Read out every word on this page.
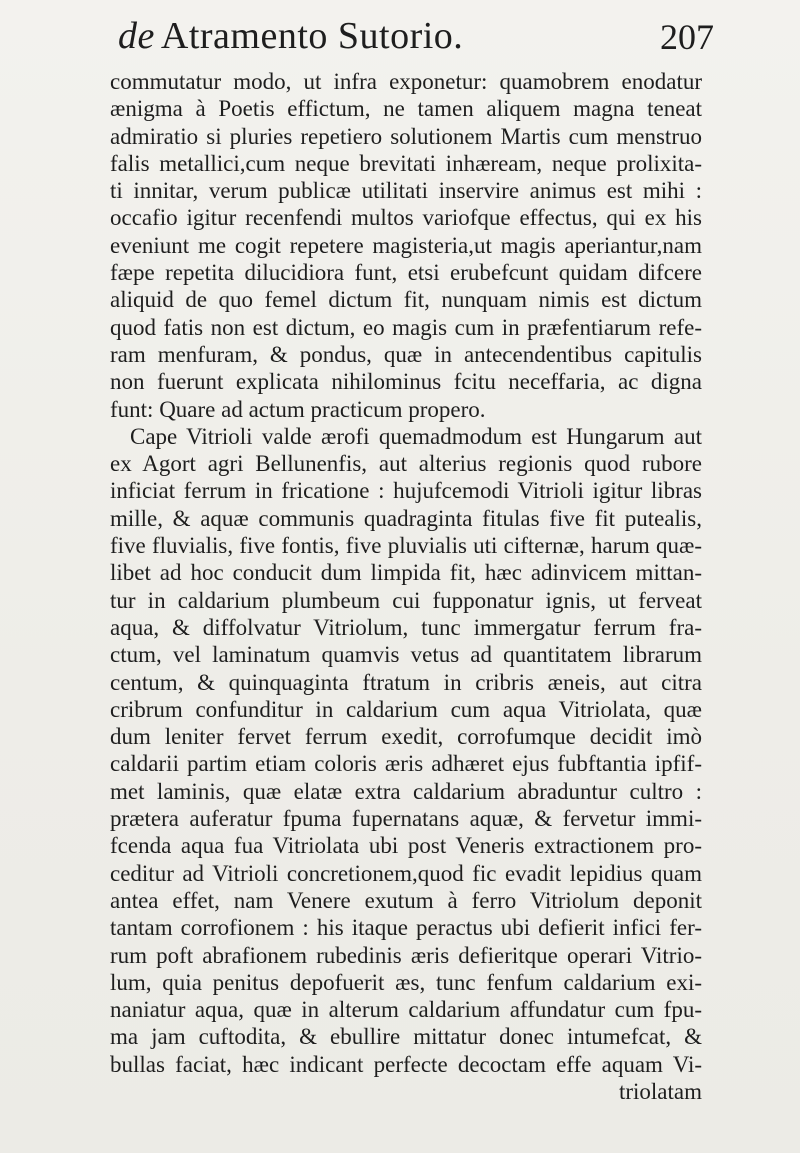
de Atramento Sutorio.	207
commutatur modo, ut infra exponetur: quamobrem enodatur
ænigma à Poetis effictum, ne tamen aliquem magna teneat
admiratio si pluries repetiero solutionem Martis cum menstruo
falis metallici,cum neque brevitati inhæream, neque prolixita-
ti innitar, verum publicæ utilitati inservire animus est mihi :
occafio igitur recenfendi multos variofque effectus, qui ex his
eveniunt me cogit repetere magisteria,ut magis aperiantur,nam
fæpe repetita dilucidiora funt, etsi erubefcunt quidam difcere
aliquid de quo femel dictum fit, nunquam nimis est dictum
quod fatis non est dictum, eo magis cum in præfentiarum refe-
ram menfuram, & pondus, quæ in antecendentibus capitulis
non fuerunt explicata nihilominus fcitu neceffaria, ac digna
funt: Quare ad actum practicum propero.
Cape Vitrioli valde ærofi quemadmodum est Hungarum aut
ex Agort agri Bellunenfis, aut alterius regionis quod rubore
inficiat ferrum in fricatione : hujufcemodi Vitrioli igitur libras
mille, & aquæ communis quadraginta fitulas five fit putealis,
five fluvialis, five fontis, five pluvialis uti cifternæ, harum quæ-
libet ad hoc conducit dum limpida fit, hæc adinvicem mittan-
tur in caldarium plumbeum cui fupponatur ignis, ut ferveat
aqua, & diffolvatur Vitriolum, tunc immergatur ferrum fra-
ctum, vel laminatum quamvis vetus ad quantitatem librarum
centum, & quinquaginta ftratum in cribris æneis, aut citra
cribrum confunditur in caldarium cum aqua Vitriolata, quæ
dum leniter fervet ferrum exedit, corrofumque decidit imò
caldarii partim etiam coloris æris adhæret ejus fubftantia ipfif-
met laminis, quæ elatæ extra caldarium abraduntur cultro :
prætera auferatur fpuma fupernatans aquæ, & fervetur immi-
fcenda aqua fua Vitriolata ubi post Veneris extractionem pro-
ceditur ad Vitrioli concretionem,quod fic evadit lepidius quam
antea effet, nam Venere exutum à ferro Vitriolum deponit
tantam corrofionem : his itaque peractus ubi defierit infici fer-
rum poft abrafionem rubedinis æris defieritque operari Vitrio-
lum, quia penitus depofuerit æs, tunc fenfum caldarium exi-
naniatur aqua, quæ in alterum caldarium affundatur cum fpu-
ma jam cuftodita, & ebullire mittatur donec intumefcat, &
bullas faciat, hæc indicant perfecte decoctam effe aquam Vi-
triolatam
